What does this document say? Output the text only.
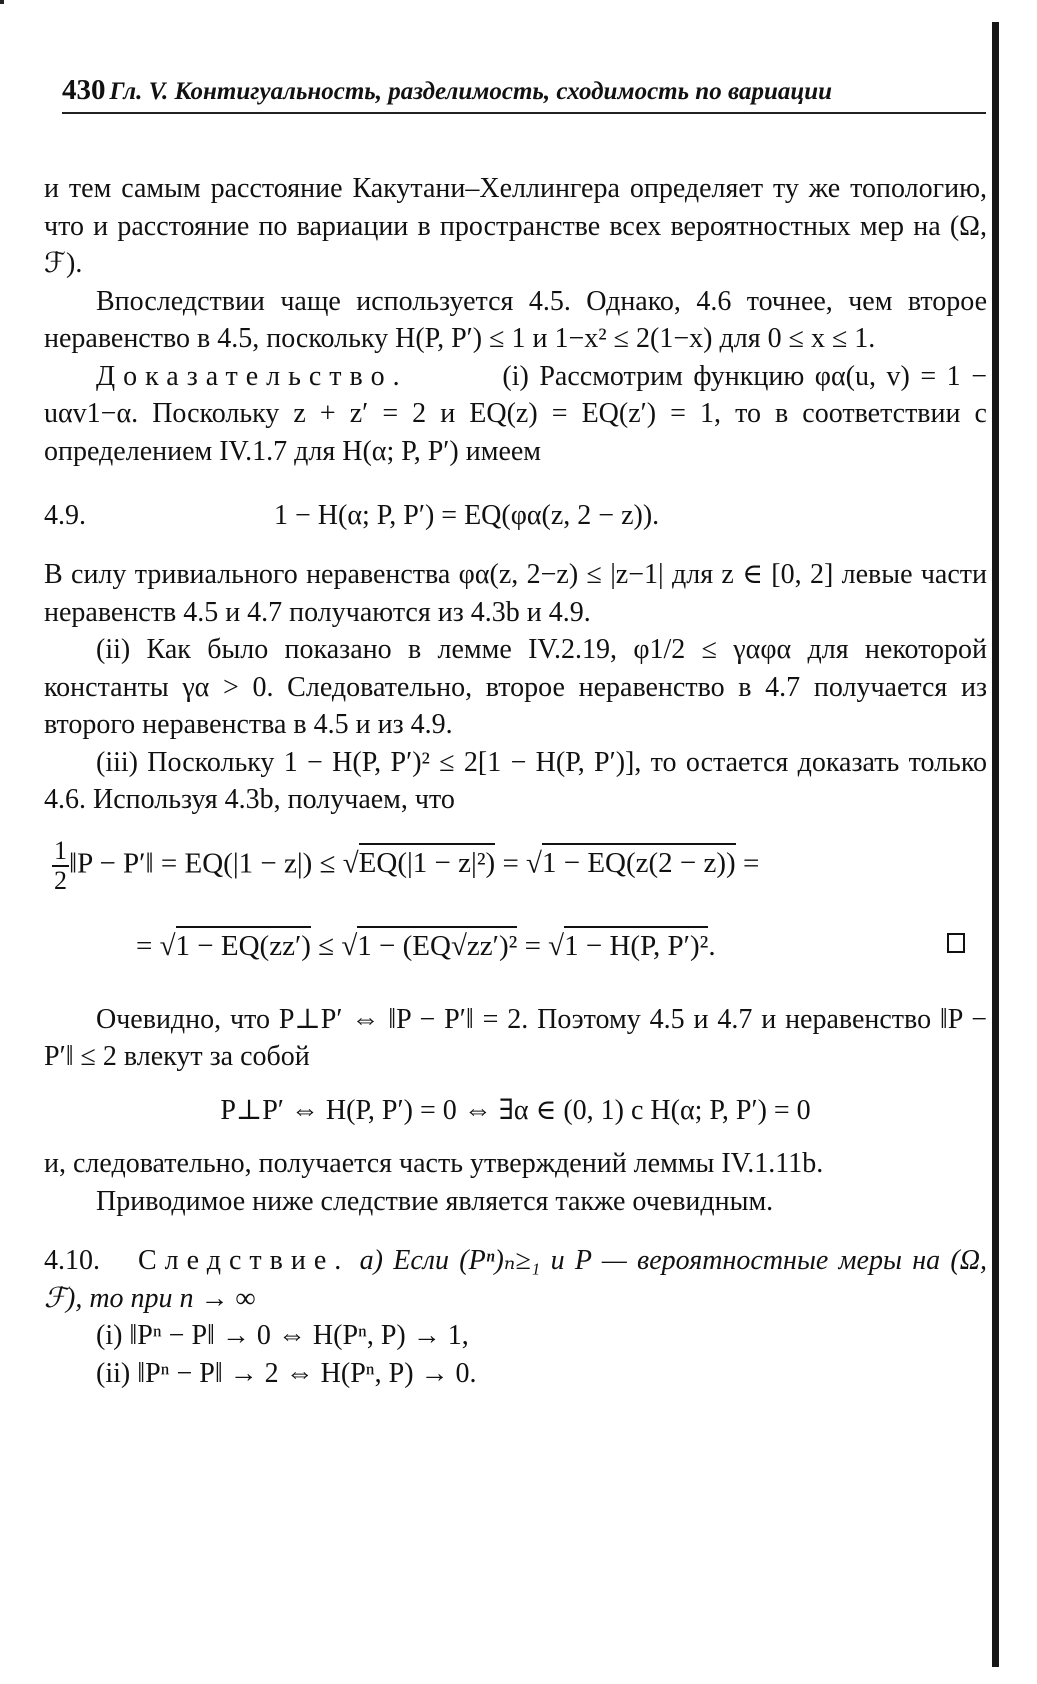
430 Гл. V. Контигуальность, разделимость, сходимость по вариации

и тем самым расстояние Какутани–Хеллингера определяет ту же топологию, что и расстояние по вариации в пространстве всех вероятностных мер на (Ω, ℱ).

Впоследствии чаще используется 4.5. Однако, 4.6 точнее, чем второе неравенство в 4.5, поскольку H(P, P′) ≤ 1 и 1−x² ≤ 2(1−x) для 0 ≤ x ≤ 1.

Доказательство.	(i) Рассмотрим функцию φα(u, v) = 1 − uαv1−α. Поскольку z + z′ = 2 и EQ(z) = EQ(z′) = 1, то в соответствии с определением IV.1.7 для H(α; P, P′) имеем

4.9.	1 − H(α; P, P′) = EQ(φα(z, 2 − z)).

В силу тривиального неравенства φα(z, 2−z) ≤ |z−1| для z ∈ [0, 2] левые части неравенств 4.5 и 4.7 получаются из 4.3b и 4.9.

(ii) Как было показано в лемме IV.2.19, φ1/2 ≤ γαφα для некоторой константы γα > 0. Следовательно, второе неравенство в 4.7 получается из второго неравенства в 4.5 и из 4.9.

(iii) Поскольку 1 − H(P, P′)² ≤ 2[1 − H(P, P′)], то остается доказать только 4.6. Используя 4.3b, получаем, что

$\frac{1}{2}$ ‖P − P′‖ = EQ(|1 − z|) ≤ √EQ(|1 − z|²) = √1 − EQ(z(2 − z)) =
= √1 − EQ(zz′) ≤ √1 − (EQ√zz′)² = √1 − H(P, P′)².

Очевидно, что P⊥P′ ⇔ ‖P − P′‖ = 2. Поэтому 4.5 и 4.7 и неравенство ‖P − P′‖ ≤ 2 влекут за собой

P⊥P′ ⇔ H(P, P′) = 0 ⇔ ∃α ∈ (0, 1) с H(α; P, P′) = 0

и, следовательно, получается часть утверждений леммы IV.1.11b.

Приводимое ниже следствие является также очевидным.

4.10. Следствие. а) Если (Pⁿ)ₙ≥₁ и P — вероятностные меры на (Ω, ℱ), то при n → ∞

(i) ‖Pⁿ − P‖ → 0 ⇔ H(Pⁿ, P) → 1,

(ii) ‖Pⁿ − P‖ → 2 ⇔ H(Pⁿ, P) → 0.
